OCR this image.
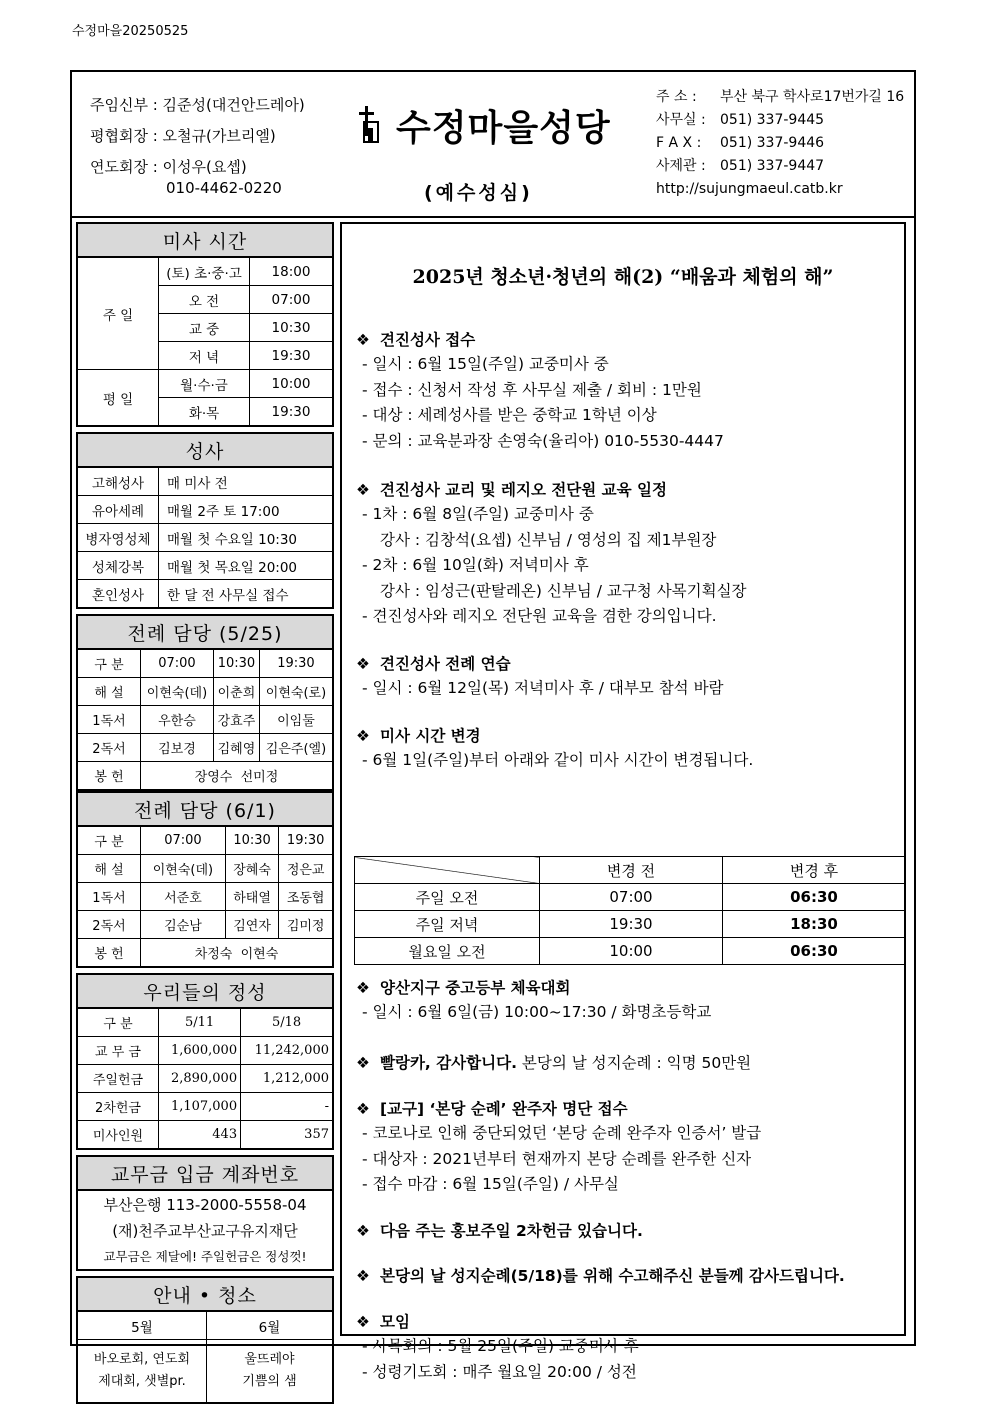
수정마을20250525
주임신부 : 김준성(대건안드레아)
평협회장 : 오철규(가브리엘)
연도회장 : 이성우(요셉)
010-4462-0220
수정마을성당
(예수성심)
주 소 : 부산 북구 학사로17번가길 16
사무실 : 051) 337-9445
F A X : 051) 337-9446
사제관 : 051) 337-9447
http://sujungmaeul.catb.kr
미사 시간		
주 일	(토) 초·중·고	18:00
	오 전	07:00
	교 중	10:30
	저 녁	19:30
평 일	월·수·금	10:00
	화·목	19:30
성사	
고해성사	매 미사 전
유아세례	매월 2주 토 17:00
병자영성체	매월 첫 수요일 10:30
성체강복	매월 첫 목요일 20:00
혼인성사	한 달 전 사무실 접수
전례 담당 (5/25)			
구 분	07:00	10:30	19:30
해 설	이현숙(데)	이춘희	이현숙(로)
1독서	우한승	강효주	이임둘
2독서	김보경	김혜영	김은주(엘)
봉 헌	장영수  선미정		
전례 담당 (6/1)			
구 분	07:00	10:30	19:30
해 설	이현숙(데)	장혜숙	정은교
1독서	서준호	하태열	조동협
2독서	김순남	김연자	김미정
봉 헌	차정숙  이현숙		
우리들의 정성		
구 분	5/11	5/18
교 무 금	1,600,000	11,242,000
주일헌금	2,890,000	1,212,000
2차헌금	1,107,000	-
미사인원	443	357
교무금 입금 계좌번호
부산은행 113-2000-5558-04
(재)천주교부산교구유지재단
교무금은 제달에! 주일헌금은 정성껏!
안내 • 청소	
5월	6월
바오로회, 연도회
제대회, 샛별pr.	울뜨레야
기쁨의 샘
2025년 청소년·청년의 해(2) “배움과 체험의 해”
❖ 견진성사 접수
- 일시 : 6월 15일(주일) 교중미사 중
- 접수 : 신청서 작성 후 사무실 제출 / 회비 : 1만원
- 대상 : 세례성사를 받은 중학교 1학년 이상
- 문의 : 교육분과장 손영숙(율리아) 010-5530-4447
❖ 견진성사 교리 및 레지오 전단원 교육 일정
- 1차 : 6월 8일(주일) 교중미사 중
강사 : 김창석(요셉) 신부님 / 영성의 집 제1부원장
- 2차 : 6월 10일(화) 저녁미사 후
강사 : 임성근(판탈레온) 신부님 / 교구청 사목기획실장
- 견진성사와 레지오 전단원 교육을 겸한 강의입니다.
❖ 견진성사 전례 연습
- 일시 : 6월 12일(목) 저녁미사 후 / 대부모 참석 바람
❖ 미사 시간 변경
- 6월 1일(주일)부터 아래와 같이 미사 시간이 변경됩니다.
	변경 전	변경 후
주일 오전	07:00	06:30
주일 저녁	19:30	18:30
월요일 오전	10:00	06:30
❖ 양산지구 중고등부 체육대회
- 일시 : 6월 6일(금) 10:00~17:30 / 화명초등학교
❖ 빨랑카, 감사합니다. 본당의 날 성지순례 : 익명 50만원
❖ [교구] ‘본당 순례’ 완주자 명단 접수
- 코로나로 인해 중단되었던 ‘본당 순례 완주자 인증서’ 발급
- 대상자 : 2021년부터 현재까지 본당 순례를 완주한 신자
- 접수 마감 : 6월 15일(주일) / 사무실
❖ 다음 주는 홍보주일 2차헌금 있습니다.
❖ 본당의 날 성지순례(5/18)를 위해 수고해주신 분들께 감사드립니다.
❖ 모임
- 사목회의 : 5월 25일(주일) 교중미사 후
- 성령기도회 : 매주 월요일 20:00 / 성전
